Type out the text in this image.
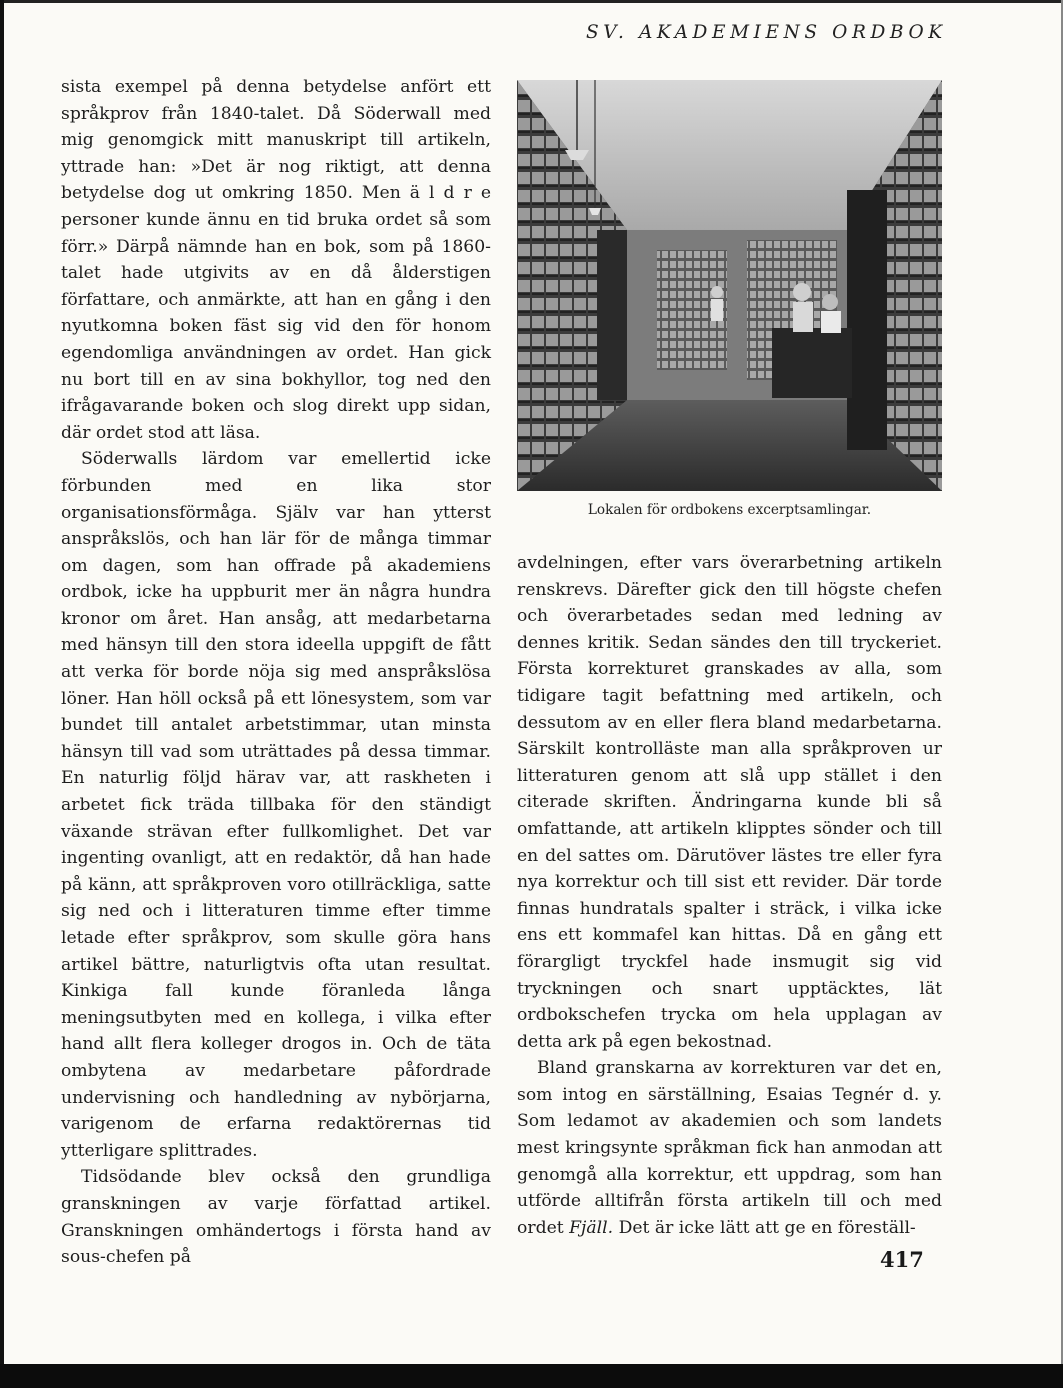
SV. AKADEMIENS ORDBOK

sista exempel på denna betydelse anfört ett språkprov från 1840-talet. Då Söderwall med mig genomgick mitt manuskript till artikeln, yttrade han: »Det är nog riktigt, att denna betydelse dog ut omkring 1850. Men ä l d r e personer kunde ännu en tid bruka ordet så som förr.» Därpå nämnde han en bok, som på 1860-talet hade utgivits av en då ålderstigen författare, och anmärkte, att han en gång i den nyutkomna boken fäst sig vid den för honom egendomliga användningen av ordet. Han gick nu bort till en av sina bokhyllor, tog ned den ifrågavarande boken och slog direkt upp sidan, där ordet stod att läsa.

Söderwalls lärdom var emellertid icke förbunden med en lika stor organisationsförmåga. Själv var han ytterst anspråkslös, och han lär för de många timmar om dagen, som han offrade på akademiens ordbok, icke ha uppburit mer än några hundra kronor om året. Han ansåg, att medarbetarna med hänsyn till den stora ideella uppgift de fått att verka för borde nöja sig med anspråkslösa löner. Han höll också på ett lönesystem, som var bundet till antalet arbetstimmar, utan minsta hänsyn till vad som uträttades på dessa timmar. En naturlig följd härav var, att raskheten i arbetet fick träda tillbaka för den ständigt växande strävan efter fullkomlighet. Det var ingenting ovanligt, att en redaktör, då han hade på känn, att språkproven voro otillräckliga, satte sig ned och i litteraturen timme efter timme letade efter språkprov, som skulle göra hans artikel bättre, naturligtvis ofta utan resultat. Kinkiga fall kunde föranleda långa meningsutbyten med en kollega, i vilka efter hand allt flera kolleger drogos in. Och de täta ombytena av medarbetare påfordrade undervisning och handledning av nybörjarna, varigenom de erfarna redaktörernas tid ytterligare splittrades.

Tidsödande blev också den grundliga granskningen av varje författad artikel. Granskningen omhändertogs i första hand av sous-chefen på

Lokalen för ordbokens excerptsamlingar.

avdelningen, efter vars överarbetning artikeln renskrevs. Därefter gick den till högste chefen och överarbetades sedan med ledning av dennes kritik. Sedan sändes den till tryckeriet. Första korrekturet granskades av alla, som tidigare tagit befattning med artikeln, och dessutom av en eller flera bland medarbetarna. Särskilt kontrolläste man alla språkproven ur litteraturen genom att slå upp stället i den citerade skriften. Ändringarna kunde bli så omfattande, att artikeln klipptes sönder och till en del sattes om. Därutöver lästes tre eller fyra nya korrektur och till sist ett revider. Där torde finnas hundratals spalter i sträck, i vilka icke ens ett kommafel kan hittas. Då en gång ett förargligt tryckfel hade insmugit sig vid tryckningen och snart upptäcktes, lät ordbokschefen trycka om hela upplagan av detta ark på egen bekostnad.

Bland granskarna av korrekturen var det en, som intog en särställning, Esaias Tegnér d. y. Som ledamot av akademien och som landets mest kringsynte språkman fick han anmodan att genomgå alla korrektur, ett uppdrag, som han utförde alltifrån första artikeln till och med ordet Fjäll. Det är icke lätt att ge en föreställ-

417
